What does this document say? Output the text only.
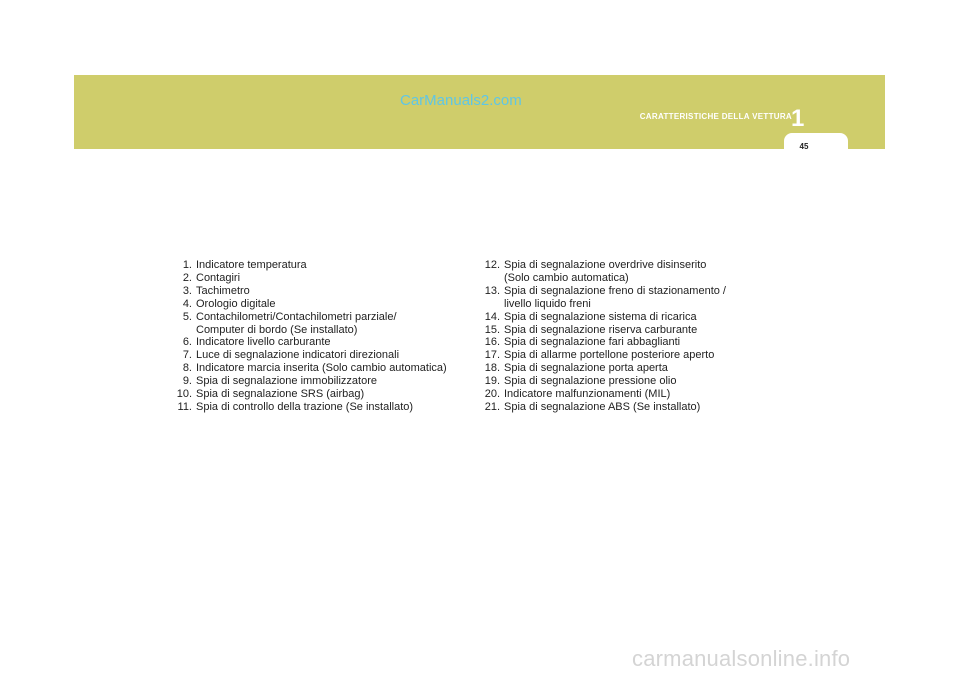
CarManuals2.com
CARATTERISTICHE DELLA VETTURA 1
45
1. Indicatore temperatura
2. Contagiri
3. Tachimetro
4. Orologio digitale
5. Contachilometri/Contachilometri parziale/
Computer di bordo (Se installato)
6. Indicatore livello carburante
7. Luce di segnalazione indicatori direzionali
8. Indicatore marcia inserita (Solo cambio automatica)
9. Spia di segnalazione immobilizzatore
10. Spia di segnalazione SRS (airbag)
11. Spia di controllo della trazione (Se installato)
12. Spia di segnalazione overdrive disinserito
(Solo cambio automatica)
13. Spia di segnalazione freno di stazionamento /
livello liquido freni
14. Spia di segnalazione sistema di ricarica
15. Spia di segnalazione riserva carburante
16. Spia di segnalazione fari abbaglianti
17. Spia di allarme portellone posteriore aperto
18. Spia di segnalazione porta aperta
19. Spia di segnalazione pressione olio
20. Indicatore malfunzionamenti (MIL)
21. Spia di segnalazione ABS (Se installato)
carmanualsonline.info
